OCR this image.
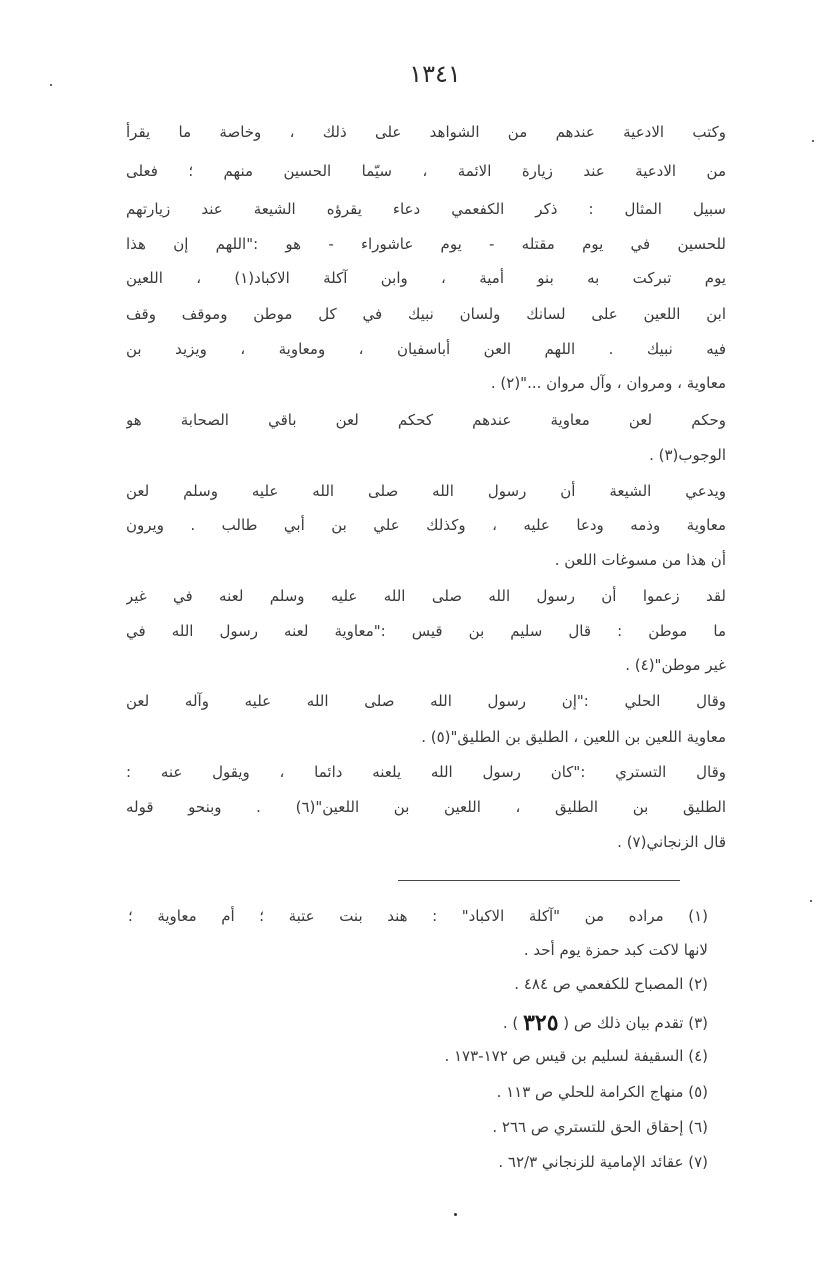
١٣٤١
وكتب الادعية عندهم من الشواهد على ذلك ، وخاصة ما يقرأ
من الادعية عند زيارة الائمة ، سيّما الحسين منهم ؛ فعلى
سبيل المثال : ذكر الكفعمي دعاء يقرؤه الشيعة عند زيارتهم
للحسين في يوم مقتله - يوم عاشوراء - هو :"اللهم إن هذا
يوم تبركت به بنو أمية ، وابن آكلة الاكباد(١) ، اللعين
ابن اللعين على لسانك ولسان نبيك في كل موطن وموقف وقف
فيه نبيك . اللهم العن أباسفيان ، ومعاوية ، ويزيد بن
معاوية ، ومروان ، وآل مروان ..."(٢) .
وحكم لعن معاوية عندهم كحكم لعن باقي الصحابة هو
الوجوب(٣) .
ويدعي الشيعة أن رسول الله صلى الله عليه وسلم لعن
معاوية وذمه ودعا عليه ، وكذلك علي بن أبي طالب . ويرون
أن هذا من مسوغات اللعن .
لقد زعموا أن رسول الله صلى الله عليه وسلم لعنه في غير
ما موطن : قال سليم بن قيس :"معاوية لعنه رسول الله في
غير موطن"(٤) .
وقال الحلي :"إن رسول الله صلى الله عليه وآله لعن
معاوية اللعين بن اللعين ، الطليق بن الطليق"(٥) .
وقال التستري :"كان رسول الله يلعنه دائما ، ويقول عنه :
الطليق بن الطليق ، اللعين بن اللعين"(٦) . وبنحو قوله
قال الزنجاني(٧) .
(١) مراده من "آكلة الاكباد" : هند بنت عتبة ؛ أم معاوية ؛
لانها لاكت كبد حمزة يوم أحد .
(٢) المصباح للكفعمي ص ٤٨٤ .
(٣) تقدم بيان ذلك ص ( ٣٢٥ ) .
(٤) السقيفة لسليم بن قيس ص ١٧٢-١٧٣ .
(٥) منهاج الكرامة للحلي ص ١١٣ .
(٦) إحقاق الحق للتستري ص ٢٦٦ .
(٧) عقائد الإمامية للزنجاني ٦٢/٣ .
